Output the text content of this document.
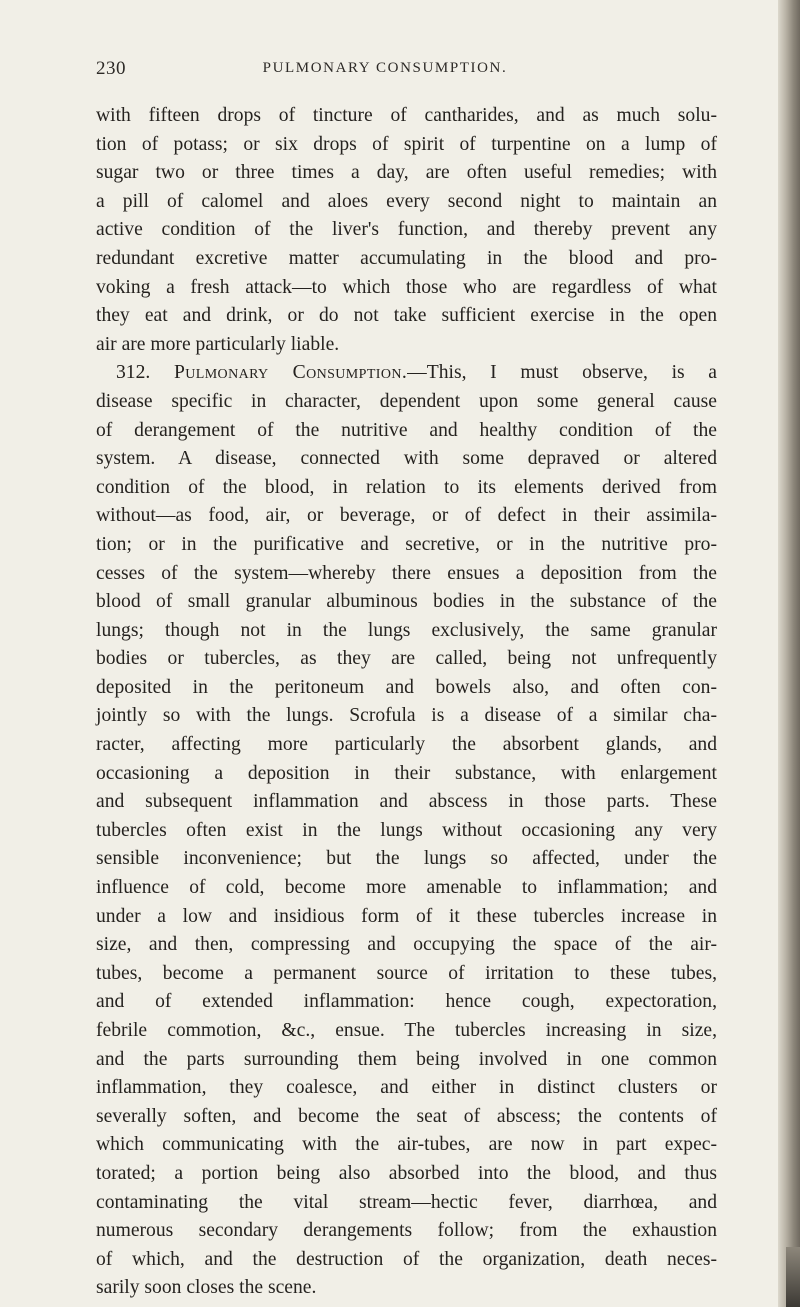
230	PULMONARY CONSUMPTION.
with fifteen drops of tincture of cantharides, and as much solu-
tion of potass; or six drops of spirit of turpentine on a lump of
sugar two or three times a day, are often useful remedies; with
a pill of calomel and aloes every second night to maintain an
active condition of the liver's function, and thereby prevent any
redundant excretive matter accumulating in the blood and pro-
voking a fresh attack—to which those who are regardless of what
they eat and drink, or do not take sufficient exercise in the open
air are more particularly liable.
312. Pulmonary Consumption.—This, I must observe, is a
disease specific in character, dependent upon some general cause
of derangement of the nutritive and healthy condition of the
system. A disease, connected with some depraved or altered
condition of the blood, in relation to its elements derived from
without—as food, air, or beverage, or of defect in their assimila-
tion; or in the purificative and secretive, or in the nutritive pro-
cesses of the system—whereby there ensues a deposition from the
blood of small granular albuminous bodies in the substance of the
lungs; though not in the lungs exclusively, the same granular
bodies or tubercles, as they are called, being not unfrequently
deposited in the peritoneum and bowels also, and often con-
jointly so with the lungs. Scrofula is a disease of a similar cha-
racter, affecting more particularly the absorbent glands, and
occasioning a deposition in their substance, with enlargement
and subsequent inflammation and abscess in those parts. These
tubercles often exist in the lungs without occasioning any very
sensible inconvenience; but the lungs so affected, under the
influence of cold, become more amenable to inflammation; and
under a low and insidious form of it these tubercles increase in
size, and then, compressing and occupying the space of the air-
tubes, become a permanent source of irritation to these tubes,
and of extended inflammation: hence cough, expectoration,
febrile commotion, &c., ensue. The tubercles increasing in size,
and the parts surrounding them being involved in one common
inflammation, they coalesce, and either in distinct clusters or
severally soften, and become the seat of abscess; the contents of
which communicating with the air-tubes, are now in part expec-
torated; a portion being also absorbed into the blood, and thus
contaminating the vital stream—hectic fever, diarrhœa, and
numerous secondary derangements follow; from the exhaustion
of which, and the destruction of the organization, death neces-
sarily soon closes the scene.
